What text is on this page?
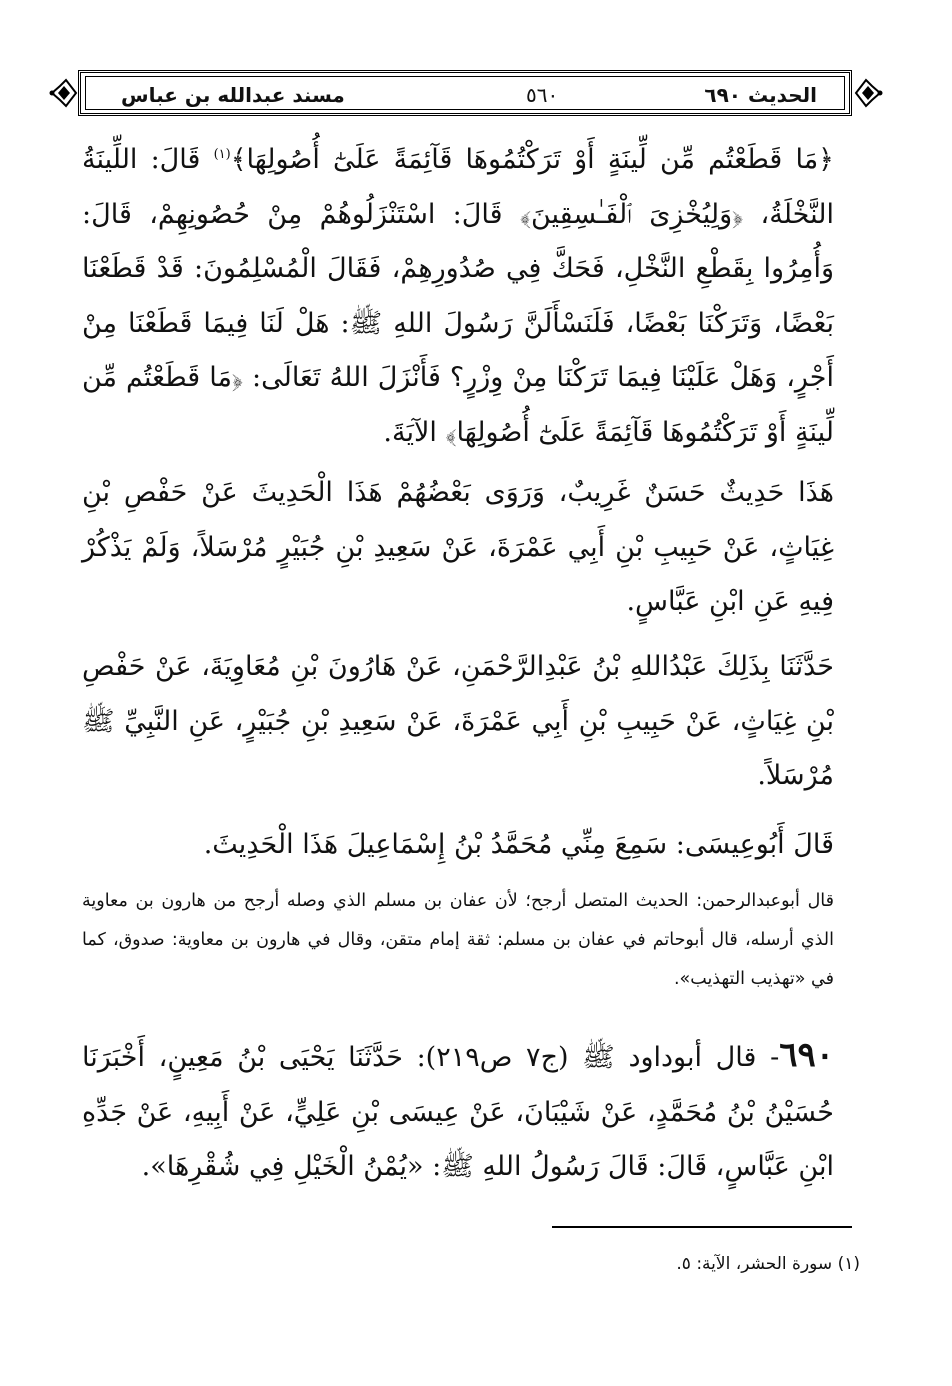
مسند عبدالله بن عباس	٥٦٠	الحديث ٦٩٠

﴿مَا قَطَعْتُم مِّن لِّينَةٍ أَوْ تَرَكْتُمُوهَا قَآئِمَةً عَلَىٰٓ أُصُولِهَا﴾$^{(١)}$ قَالَ: اللِّينَةُ النَّخْلَةُ، ﴿وَلِيُخْزِىَ ٱلْفَـٰسِقِينَ﴾ قَالَ: اسْتَنْزَلُوهُمْ مِنْ حُصُونِهِمْ، قَالَ: وَأُمِرُوا بِقَطْعِ النَّخْلِ، فَحَكَّ فِي صُدُورِهِمْ، فَقَالَ الْمُسْلِمُونَ: قَدْ قَطَعْنَا بَعْضًا، وَتَرَكْنَا بَعْضًا، فَلَنَسْأَلَنَّ رَسُولَ اللهِ ﷺ: هَلْ لَنَا فِيمَا قَطَعْنَا مِنْ أَجْرٍ، وَهَلْ عَلَيْنَا فِيمَا تَرَكْنَا مِنْ وِزْرٍ؟ فَأَنْزَلَ اللهُ تَعَالَى: ﴿مَا قَطَعْتُم مِّن لِّينَةٍ أَوْ تَرَكْتُمُوهَا قَآئِمَةً عَلَىٰٓ أُصُولِهَا﴾ الآيَةَ.

هَذَا حَدِيثٌ حَسَنٌ غَرِيبٌ، وَرَوَى بَعْضُهُمْ هَذَا الْحَدِيثَ عَنْ حَفْصِ بْنِ غِيَاثٍ، عَنْ حَبِيبِ بْنِ أَبِي عَمْرَةَ، عَنْ سَعِيدِ بْنِ جُبَيْرٍ مُرْسَلاً، وَلَمْ يَذْكُرْ فِيهِ عَنِ ابْنِ عَبَّاسٍ.

حَدَّثَنَا بِذَلِكَ عَبْدُاللهِ بْنُ عَبْدِالرَّحْمَنِ، عَنْ هَارُونَ بْنِ مُعَاوِيَةَ، عَنْ حَفْصِ بْنِ غِيَاثٍ، عَنْ حَبِيبِ بْنِ أَبِي عَمْرَةَ، عَنْ سَعِيدِ بْنِ جُبَيْرٍ، عَنِ النَّبِيِّ ﷺ مُرْسَلاً.

قَالَ أَبُوعِيسَى: سَمِعَ مِنِّي مُحَمَّدُ بْنُ إِسْمَاعِيلَ هَذَا الْحَدِيثَ.

قال أبوعبدالرحمن: الحديث المتصل أرجح؛ لأن عفان بن مسلم الذي وصله أرجح من هارون بن معاوية الذي أرسله، قال أبوحاتم في عفان بن مسلم: ثقة إمام متقن، وقال في هارون بن معاوية: صدوق، كما في «تهذيب التهذيب».

٦٩٠- قال أبوداود ﷺ (ج٧ ص٢١٩): حَدَّثَنَا يَحْيَى بْنُ مَعِينٍ، أَخْبَرَنَا حُسَيْنُ بْنُ مُحَمَّدٍ، عَنْ شَيْبَانَ، عَنْ عِيسَى بْنِ عَلِيٍّ، عَنْ أَبِيهِ، عَنْ جَدِّهِ ابْنِ عَبَّاسٍ، قَالَ: قَالَ رَسُولُ اللهِ ﷺ: «يُمْنُ الْخَيْلِ فِي شُقْرِهَا».

(١) سورة الحشر، الآية: ٥.
